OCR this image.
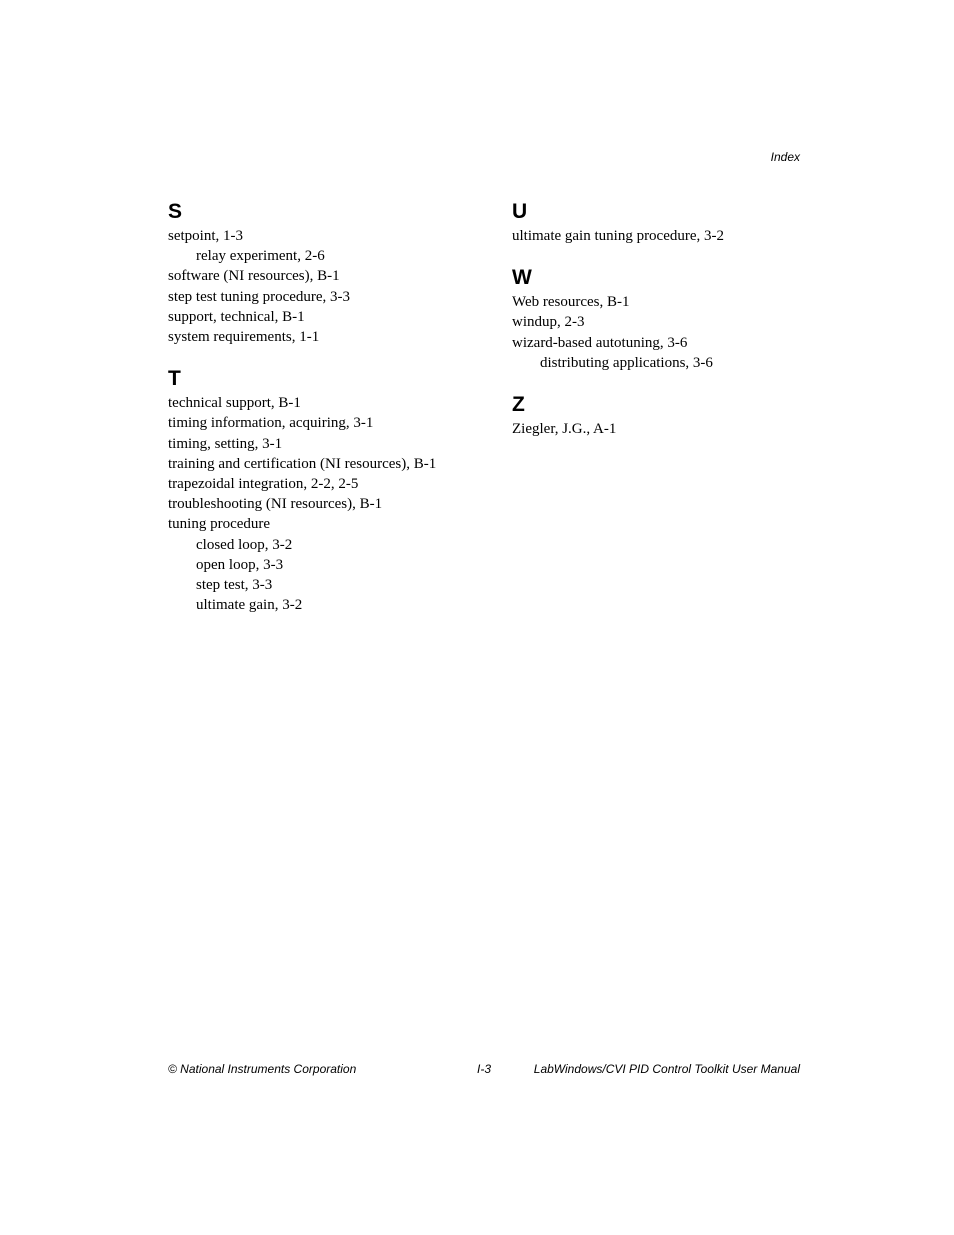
Index
S
setpoint, 1-3
relay experiment, 2-6
software (NI resources), B-1
step test tuning procedure, 3-3
support, technical, B-1
system requirements, 1-1
T
technical support, B-1
timing information, acquiring, 3-1
timing, setting, 3-1
training and certification (NI resources), B-1
trapezoidal integration, 2-2, 2-5
troubleshooting (NI resources), B-1
tuning procedure
closed loop, 3-2
open loop, 3-3
step test, 3-3
ultimate gain, 3-2
U
ultimate gain tuning procedure, 3-2
W
Web resources, B-1
windup, 2-3
wizard-based autotuning, 3-6
distributing applications, 3-6
Z
Ziegler, J.G., A-1
© National Instruments Corporation	I-3	LabWindows/CVI PID Control Toolkit User Manual
